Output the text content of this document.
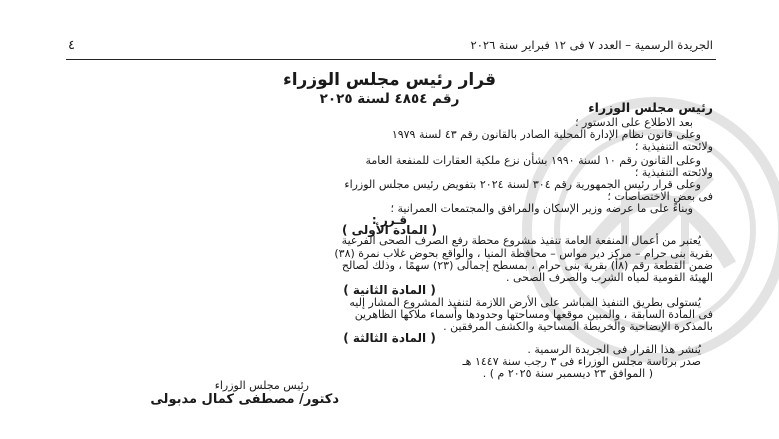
الجريدة الرسمية – العدد ٧ فى ١٢ فبراير سنة ٢٠٢٦
٤
قرار رئيس مجلس الوزراء
رقم ٤٨٥٤ لسنة ٢٠٢٥
رئيس مجلس الوزراء
بعد الاطلاع على الدستور ؛
وعلى قانون نظام الإدارة المحلية الصادر بالقانون رقم ٤٣ لسنة ١٩٧٩
ولائحته التنفيذية ؛
وعلى القانون رقم ١٠ لسنة ١٩٩٠ بشأن نزع ملكية العقارات للمنفعة العامة
ولائحته التنفيذية ؛
وعلى قرار رئيس الجمهورية رقم ٣٠٤ لسنة ٢٠٢٤ بتفويض رئيس مجلس الوزراء
فى بعض الاختصاصات ؛
وبناءً على ما عرضه وزير الإسكان والمرافق والمجتمعات العمرانية ؛
قـرر :
( المادة الأولى )
يُعتبر من أعمال المنفعة العامة تنفيذ مشروع محطة رفع الصرف الصحى الفرعية
بقرية بنى حرام – مركز دير مواس – محافظة المنيا ، والواقع بحوض غلاب نمرة (٣٨)
ضمن القطعة رقم (٨أ) بقرية بنى حرام ، بمسطح إجمالى (٢٣) سهمًا ، وذلك لصالح
الهيئة القومية لمياه الشرب والصرف الصحى .
( المادة الثانية )
يُستولى بطريق التنفيذ المباشر على الأرض اللازمة لتنفيذ المشروع المشار إليه
فى المادة السابقة ، والمبين موقعها ومساحتها وحدودها وأسماء ملاكها الظاهرين
بالمذكرة الإيضاحية والخريطة المساحية والكشف المرفقين .
( المادة الثالثة )
يُنشر هذا القرار فى الجريدة الرسمية .
صدر برئاسة مجلس الوزراء فى ٣ رجب سنة ١٤٤٧ هـ
( الموافق ٢٣ ديسمبر سنة ٢٠٢٥ م ) .
رئيس مجلس الوزراء
دكتور/ مصطفى كمال مدبولى
